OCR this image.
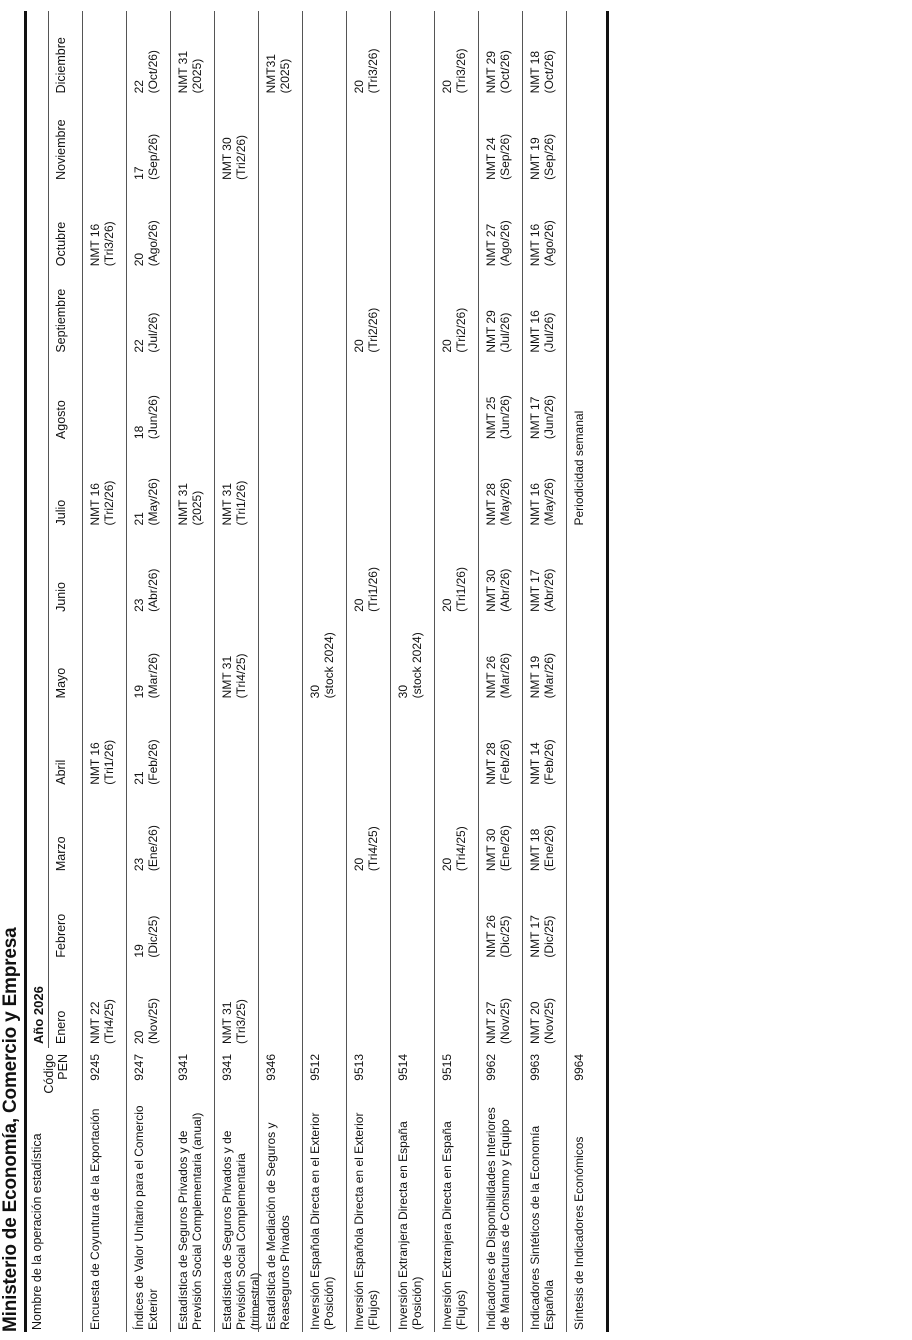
Ministerio de Economía, Comercio y Empresa Nombre de la operación estadística
Código PEN
Año 2026 Enero
Febrero
Marzo
Abril
Mayo
Junio
Julio
Agosto
Septiembre
Octubre
Noviembre
Diciembre
Encuesta de Coyuntura de la Exportación
9245
NMT 22 (Tri4/25)
NMT 16 (Tri1/26)
NMT 16 (Tri2/26)
NMT 16 (Tri3/26)
Índices de Valor Unitario para el Comercio Exterior
9247
20 (Nov/25)
19 (Dic/25)
23 (Ene/26)
21 (Feb/26)
19 (Mar/26)
23 (Abr/26)
21 (May/26)
18 (Jun/26)
22 (Jul/26)
20 (Ago/26)
17 (Sep/26)
22 (Oct/26)
Estadística de Seguros Privados y de Previsión Social Complementaria (anual)
9341
NMT 31 (2025)
NMT 31 (2025)
Estadística de Seguros Privados y de Previsión Social Complementaria (trimestral)
9341
NMT 31 (Tri3/25)
NMT 31 (Tri4/25)
NMT 31 (Tri1/26)
NMT 30 (Tri2/26)
Estadística de Mediación de Seguros y Reaseguros Privados
9346
NMT31 (2025)
Inversión Española Directa en el Exterior (Posición)
9512
30 (stock 2024)
Inversión Española Directa en el Exterior (Flujos)
9513
20 (Tri4/25)
20 (Tri1/26)
20 (Tri2/26)
20 (Tri3/26)
Inversión Extranjera Directa en España (Posición)
9514
30 (stock 2024)
Inversión Extranjera Directa en España (Flujos)
9515
20 (Tri4/25)
20 (Tri1/26)
20 (Tri2/26)
20 (Tri3/26)
Indicadores de Disponibilidades Interiores de Manufacturas de Consumo y Equipo
9962
NMT 27 (Nov/25)
NMT 26 (Dic/25)
NMT 30 (Ene/26)
NMT 28 (Feb/26)
NMT 26 (Mar/26)
NMT 30 (Abr/26)
NMT 28 (May/26)
NMT 25 (Jun/26)
NMT 29 (Jul/26)
NMT 27 (Ago/26)
NMT 24 (Sep/26)
NMT 29 (Oct/26)
Indicadores Sintéticos de la Economía Española
9963
NMT 20 (Nov/25)
NMT 17 (Dic/25)
NMT 18 (Ene/26)
NMT 14 (Feb/26)
NMT 19 (Mar/26)
NMT 17 (Abr/26)
NMT 16 (May/26)
NMT 17 (Jun/26)
NMT 16 (Jul/26)
NMT 16 (Ago/26)
NMT 19 (Sep/26)
NMT 18 (Oct/26)
Síntesis de Indicadores Económicos
9964
Periodicidad semanal
